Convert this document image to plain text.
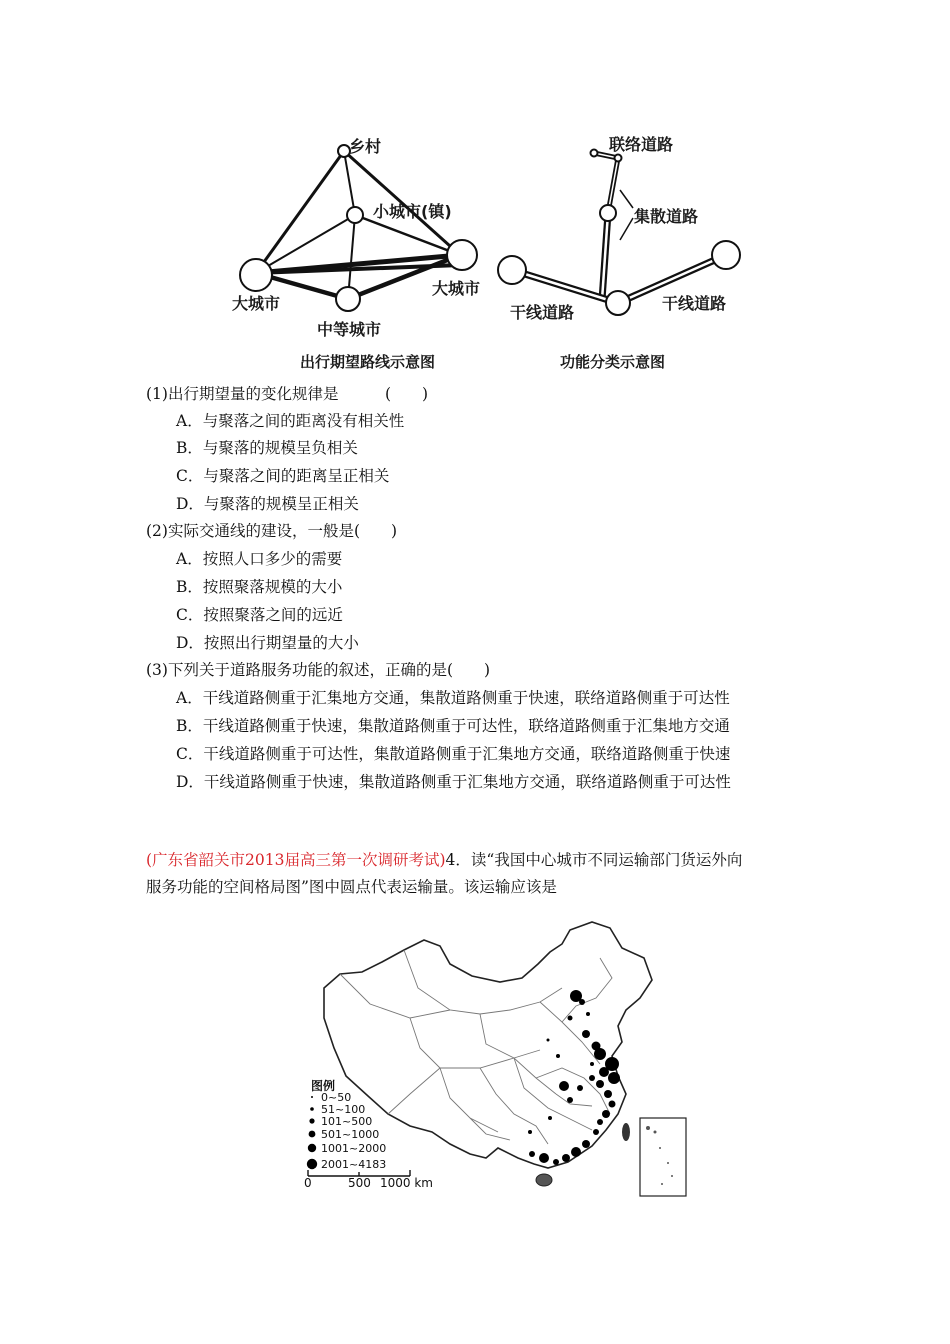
乡村
小城市(镇)
大城市
大城市
中等城市
出行期望路线示意图
联络道路
集散道路
干线道路	干线道路
功能分类示意图
(1)出行期望量的变化规律是　　　(　　)
A．与聚落之间的距离没有相关性
B．与聚落的规模呈负相关
C．与聚落之间的距离呈正相关
D．与聚落的规模呈正相关
(2)实际交通线的建设，一般是(　　)
A．按照人口多少的需要
B．按照聚落规模的大小
C．按照聚落之间的远近
D．按照出行期望量的大小
(3)下列关于道路服务功能的叙述，正确的是(　　)
A．干线道路侧重于汇集地方交通，集散道路侧重于快速，联络道路侧重于可达性
B．干线道路侧重于快速，集散道路侧重于可达性，联络道路侧重于汇集地方交通
C．干线道路侧重于可达性，集散道路侧重于汇集地方交通，联络道路侧重于快速
D．干线道路侧重于快速，集散道路侧重于汇集地方交通，联络道路侧重于可达性
(广东省韶关市2013届高三第一次调研考试)4．读“我国中心城市不同运输部门货运外向
服务功能的空间格局图”图中圆点代表运输量。该运输应该是
图例
0~50
51~100
101~500
501~1000
1001~2000
2001~4183
0	500 1000 km
